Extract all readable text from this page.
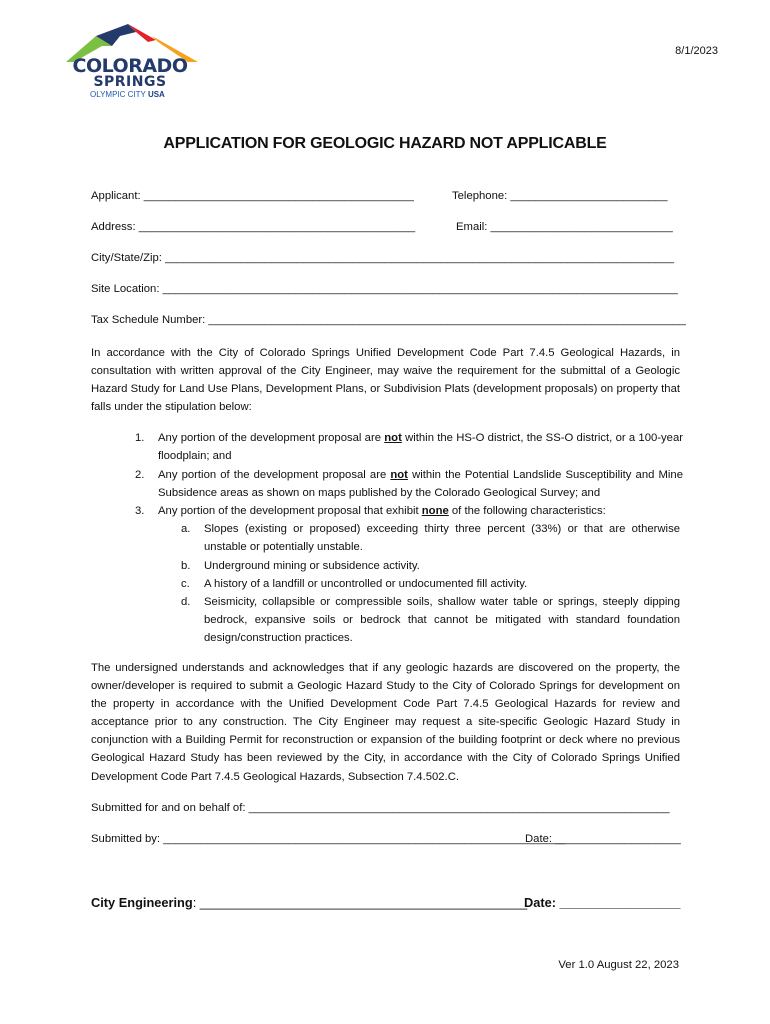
COLORADO
SPRINGS
OLYMPIC CITY USA
8/1/2023
APPLICATION FOR GEOLOGIC HAZARD NOT APPLICABLE
Applicant: ___________________________________________	Telephone: _________________________
Address: ____________________________________________	Email: _____________________________
City/State/Zip: _________________________________________________________________________________
Site Location: __________________________________________________________________________________
Tax Schedule Number: ____________________________________________________________________________
In accordance with the City of Colorado Springs Unified Development Code Part 7.4.5 Geological Hazards, in consultation with written approval of the City Engineer, may waive the requirement for the submittal of a Geologic Hazard Study for Land Use Plans, Development Plans, or Subdivision Plats (development proposals) on property that falls under the stipulation below:
1. Any portion of the development proposal are not within the HS-O district, the SS-O district, or a 100-year floodplain; and
2. Any portion of the development proposal are not within the Potential Landslide Susceptibility and Mine Subsidence areas as shown on maps published by the Colorado Geological Survey; and
3. Any portion of the development proposal that exhibit none of the following characteristics:
a. Slopes (existing or proposed) exceeding thirty three percent (33%) or that are otherwise unstable or potentially unstable.
b. Underground mining or subsidence activity.
c. A history of a landfill or uncontrolled or undocumented fill activity.
d. Seismicity, collapsible or compressible soils, shallow water table or springs, steeply dipping bedrock, expansive soils or bedrock that cannot be mitigated with standard foundation design/construction practices.
The undersigned understands and acknowledges that if any geologic hazards are discovered on the property, the owner/developer is required to submit a Geologic Hazard Study to the City of Colorado Springs for development on the property in accordance with the Unified Development Code Part 7.4.5 Geological Hazards for review and acceptance prior to any construction. The City Engineer may request a site-specific Geologic Hazard Study in conjunction with a Building Permit for reconstruction or expansion of the building footprint or deck where no previous Geological Hazard Study has been reviewed by the City, in accordance with the City of Colorado Springs Unified Development Code Part 7.4.5 Geological Hazards, Subsection 7.4.502.C.
Submitted for and on behalf of: ___________________________________________________________________
Submitted by: ________________________________________________________________
Date: ____________________
City Engineering: ______________________________________________
Date: _________________
Ver 1.0 August 22, 2023
